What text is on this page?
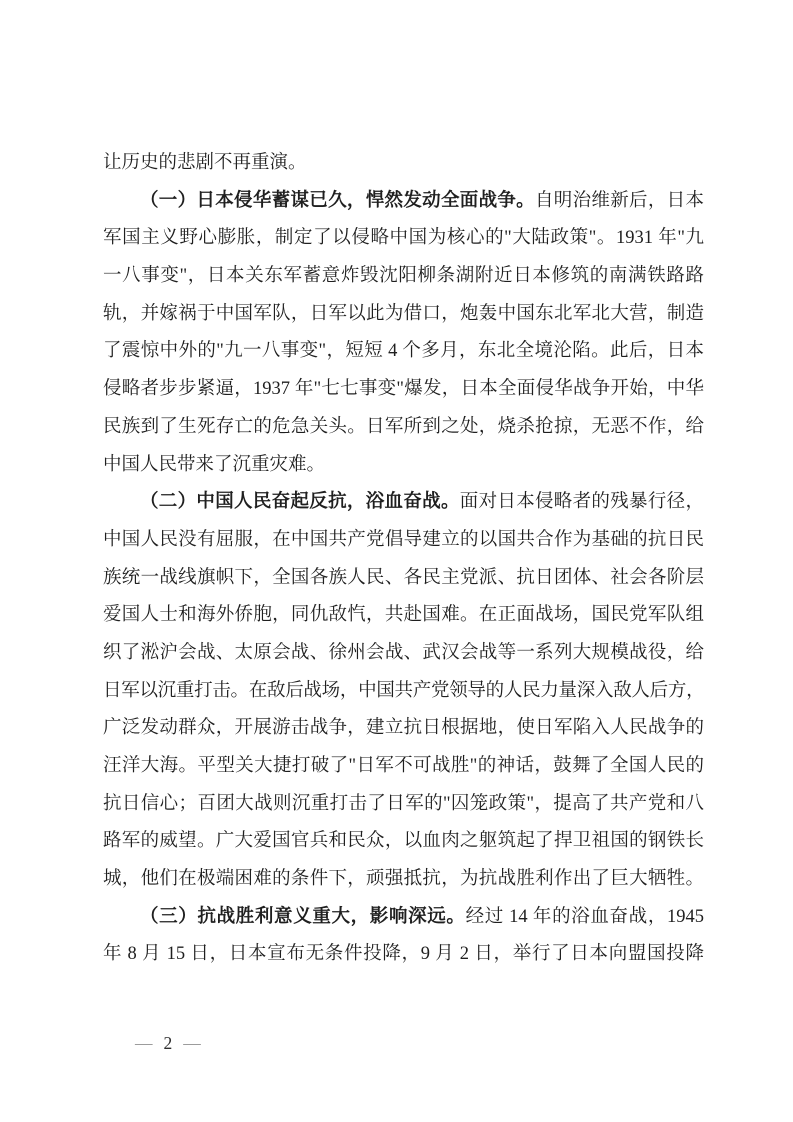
让历史的悲剧不再重演。
（一）日本侵华蓄谋已久，悍然发动全面战争。自明治维新后，日本
军国主义野心膨胀，制定了以侵略中国为核心的"大陆政策"。1931 年"九
一八事变"，日本关东军蓄意炸毁沈阳柳条湖附近日本修筑的南满铁路路
轨，并嫁祸于中国军队，日军以此为借口，炮轰中国东北军北大营，制造
了震惊中外的"九一八事变"，短短 4 个多月，东北全境沦陷。此后，日本
侵略者步步紧逼，1937 年"七七事变"爆发，日本全面侵华战争开始，中华
民族到了生死存亡的危急关头。日军所到之处，烧杀抢掠，无恶不作，给
中国人民带来了沉重灾难。
（二）中国人民奋起反抗，浴血奋战。面对日本侵略者的残暴行径，
中国人民没有屈服，在中国共产党倡导建立的以国共合作为基础的抗日民
族统一战线旗帜下，全国各族人民、各民主党派、抗日团体、社会各阶层
爱国人士和海外侨胞，同仇敌忾，共赴国难。在正面战场，国民党军队组
织了淞沪会战、太原会战、徐州会战、武汉会战等一系列大规模战役，给
日军以沉重打击。在敌后战场，中国共产党领导的人民力量深入敌人后方，
广泛发动群众，开展游击战争，建立抗日根据地，使日军陷入人民战争的
汪洋大海。平型关大捷打破了"日军不可战胜"的神话，鼓舞了全国人民的
抗日信心；百团大战则沉重打击了日军的"囚笼政策"，提高了共产党和八
路军的威望。广大爱国官兵和民众，以血肉之躯筑起了捍卫祖国的钢铁长
城，他们在极端困难的条件下，顽强抵抗，为抗战胜利作出了巨大牺牲。
（三）抗战胜利意义重大，影响深远。经过 14 年的浴血奋战，1945
年 8 月 15 日，日本宣布无条件投降，9 月 2 日，举行了日本向盟国投降
— 2 —
